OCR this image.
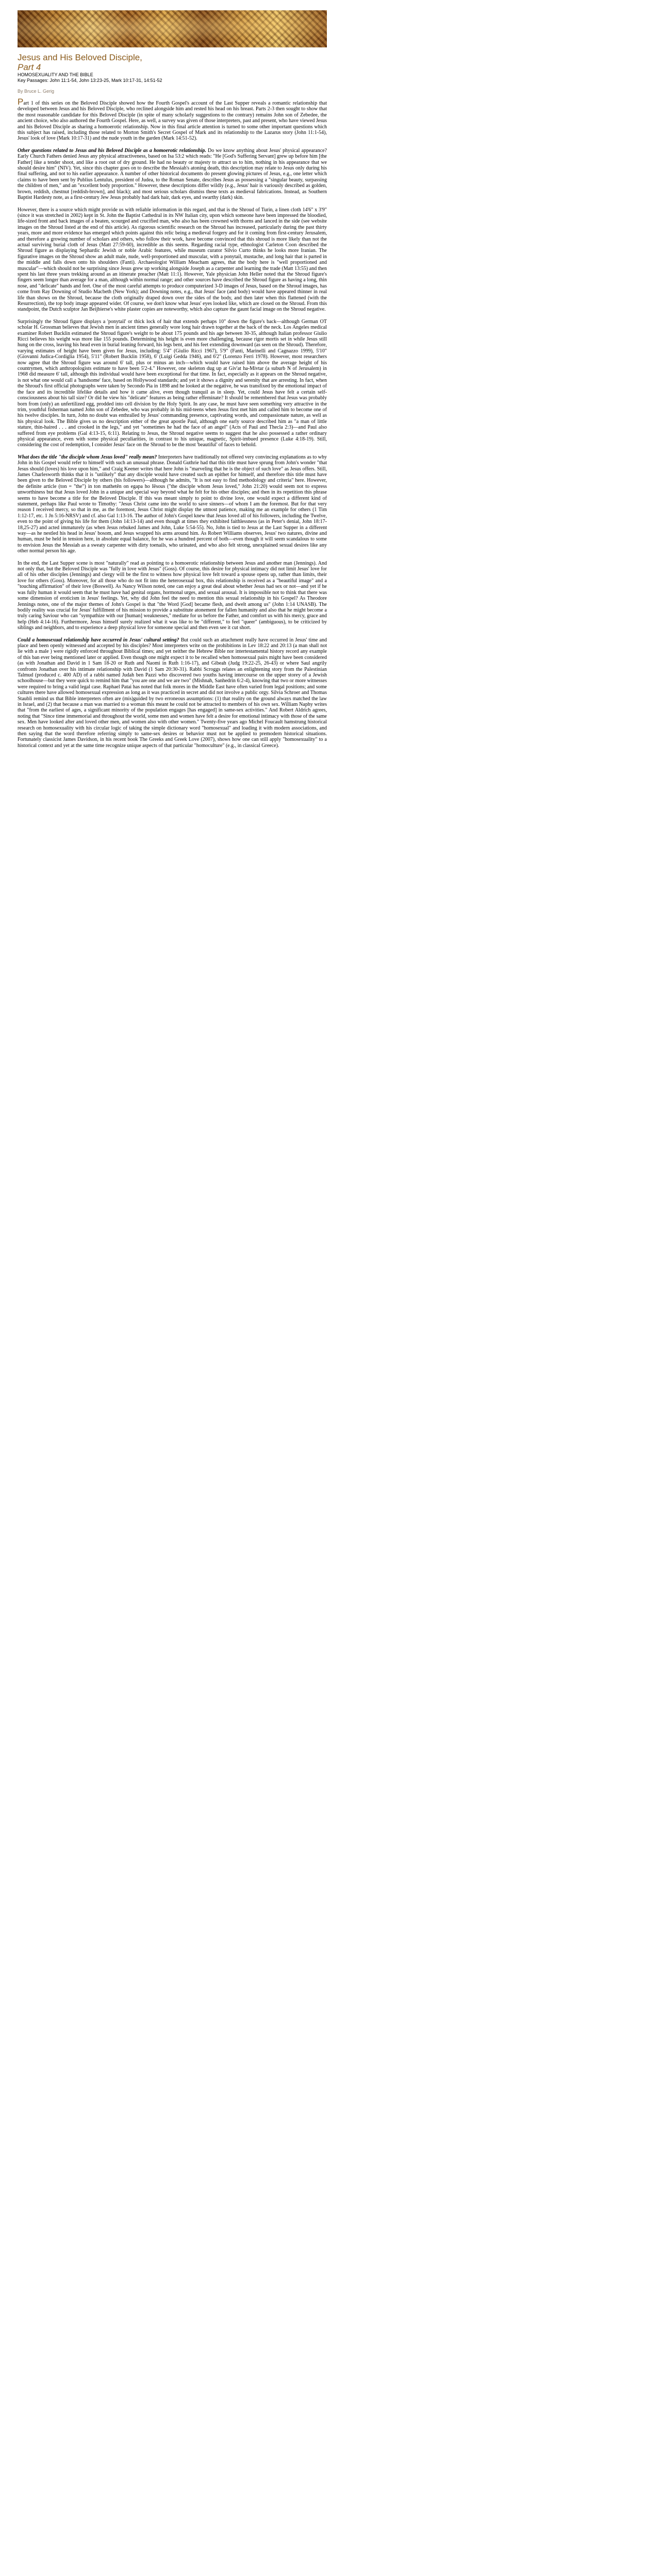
Jesus and His Beloved Disciple,
Part 4
HOMOSEXUALITY AND THE BIBLE
Key Passages: John 11:1-54, John 13:23-25, Mark 10:17-31, 14:51-52
By Bruce L. Gerig

Part 1 of this series on the Beloved Disciple showed how the Fourth Gospel's account of the Last Supper reveals a romantic relationship that developed between Jesus and his Beloved Disciple, who reclined alongside him and rested his head on his breast. Parts 2-3 then sought to show that the most reasonable candidate for this Beloved Disciple (in spite of many scholarly suggestions to the contrary) remains John son of Zebedee, the ancient choice, who also authored the Fourth Gospel. Here, as well, a survey was given of those interpreters, past and present, who have viewed Jesus and his Beloved Disciple as sharing a homoerotic relationship. Now in this final article attention is turned to some other important questions which this subject has raised, including those related to Morton Smith's Secret Gospel of Mark and its relationship to the Lazarus story (John 11:1-54), Jesus' look of love (Mark 10:17-31) and the nude youth in the garden (Mark 14:51-52).

Other questions related to Jesus and his Beloved Disciple as a homoerotic relationship. Do we know anything about Jesus' physical appearance? Early Church Fathers denied Jesus any physical attractiveness, based on Isa 53:2 which reads: "He [God's Suffering Servant] grew up before him [the Father] like a tender shoot, and like a root out of dry ground. He had no beauty or majesty to attract us to him, nothing in his appearance that we should desire him" (NIV). Yet, since this chapter goes on to describe the Messiah's atoning death, this description may relate to Jesus only during his final suffering, and not to his earlier appearance. A number of other historical documents do present glowing pictures of Jesus, e.g., one letter which claims to have been sent by Publius Lentulus, president of Judea, to the Roman Senate, describes Jesus as possessing a "singular beauty, surpassing the children of men," and an "excellent body proportion." However, these descriptions differ wildly (e.g., Jesus' hair is variously described as golden, brown, reddish, chestnut [reddish-brown], and black); and most serious scholars dismiss these texts as medieval fabrications. Instead, as Southern Baptist Hardesty note, as a first-century Jew Jesus probably had dark hair, dark eyes, and swarthy (dark) skin.

However, there is a source which might provide us with reliable information in this regard, and that is the Shroud of Turin, a linen cloth 14'6" x 3'9" (since it was stretched in 2002) kept in St. John the Baptist Cathedral in its NW Italian city, upon which someone have been impressed the bloodied, life-sized front and back images of a beaten, scourged and crucified man, who also has been crowned with thorns and lanced in the side (see website images on the Shroud listed at the end of this article). As rigorous scientific research on the Shroud has increased, particularly during the past thirty years, more and more evidence has emerged which points against this relic being a medieval forgery and for it coming from first-century Jerusalem, and therefore a growing number of scholars and others, who follow their work, have become convinced that this shroud is more likely than not the actual surviving burial cloth of Jesus (Matt 27:59-60), incredible as this seems. Regarding racial type, ethnologist Carleton Coon described the Shroud figure as displaying Sephardic Jewish or noble Arabic features, while museum curator Silvio Curto thinks he looks more Iranian. The figurative images on the Shroud show an adult male, nude, well-proportioned and muscular, with a ponytail, mustache, and long hair that is parted in the middle and falls down onto his shoulders (Fanti). Archaeologist William Meacham agrees, that the body here is "well proportioned and muscular"—which should not be surprising since Jesus grew up working alongside Joseph as a carpenter and learning the trade (Matt 13:55) and then spent his last three years trekking around as an itinerate preacher (Matt 11:1). However, Yale physician John Heller noted that the Shroud figure's fingers seem longer than average for a man, although within normal range; and other sources have described the Shroud figure as having a long, thin nose, and "delicate" hands and feet. One of the most careful attempts to produce computerized 3-D images of Jesus, based on the Shroud images, has come from Ray Downing of Studio Macbeth (New York); and Downing notes, e.g., that Jesus' face (and body) would have appeared thinner in real life than shows on the Shroud, because the cloth originally draped down over the sides of the body, and then later when this flattened (with the Resurrection), the top body image appeared wider. Of course, we don't know what Jesus' eyes looked like, which are closed on the Shroud. From this standpoint, the Dutch sculptor Jan Beijbierse's white plaster copies are noteworthy, which also capture the gaunt facial image on the Shroud negative.

Surprisingly the Shroud figure displays a 'ponytail' or thick lock of hair that extends perhaps 10" down the figure's back—although German OT scholar H. Grossman believes that Jewish men in ancient times generally wore long hair drawn together at the back of the neck. Los Angeles medical examiner Robert Bucklin estimated the Shroud figure's weight to be about 175 pounds and his age between 30-35, although Italian professor Giulio Ricci believes his weight was more like 155 pounds. Determining his height is even more challenging, because rigor mortis set in while Jesus still hung on the cross, leaving his head even in burial leaning forward, his legs bent, and his feet extending downward (as seen on the Shroud). Therefore, varying estimates of height have been given for Jesus, including: 5'4" (Giulio Ricci 1967), 5'9" (Fanti, Marinelli and Cagnazzo 1999), 5'10" (Giovanni Judica-Cordiglia 1954), 5'11" (Robert Bucklin 1958), 6' (Luigi Gedda 1946), and 6'2" (Lorenzo Ferri 1978). However, most researchers now agree that the Shroud figure was around 6' tall, plus or minus an inch—which would have raised him above the average height of his countrymen, which anthropologists estimate to have been 5'2-4." However, one skeleton dug up at Giv'at ha-Mivtar (a suburb N of Jerusalem) in 1968 did measure 6' tall, although this individual would have been exceptional for that time. In fact, especially as it appears on the Shroud negative, is not what one would call a 'handsome' face, based on Hollywood standards; and yet it shows a dignity and serenity that are arresting. In fact, when the Shroud's first official photographs were taken by Secondo Pia in 1898 and he looked at the negative, he was transfixed by the emotional impact of the face and its incredible lifelike details and how it came alive, even though tranquil as in sleep. Yet, could Jesus have felt a certain self-consciousness about his tall size? Or did he view his "delicate" features as being rather effeminate? It should be remembered that Jesus was probably born from (only) an unfertilized egg, prodded into cell division by the Holy Spirit. In any case, he must have seen something very attractive in the trim, youthful fisherman named John son of Zebedee, who was probably in his mid-teens when Jesus first met him and called him to become one of his twelve disciples. In turn, John no doubt was enthralled by Jesus' commanding presence, captivating words, and compassionate nature, as well as his physical look. The Bible gives us no description either of the great apostle Paul, although one early source described him as "a man of little stature, thin-haired . . . and crooked in the legs," and yet "sometimes he had the face of an angel" (Acts of Paul and Thecla 2:3)—and Paul also suffered from eye problems (Gal 4:13-15, 6:11). Relating to Jesus, the Shroud negative seems to suggest that he also possessed a rather ordinary physical appearance, even with some physical peculiarities, in contrast to his unique, magnetic, Spirit-imbued presence (Luke 4:18-19). Still, considering the cost of redemption, I consider Jesus' face on the Shroud to be the most 'beautiful' of faces to behold.

What does the title "the disciple whom Jesus loved" really mean? Interpreters have traditionally not offered very convincing explanations as to why John in his Gospel would refer to himself with such an unusual phrase. Donald Guthrie had that this title must have sprung from John's wonder "that Jesus should (loves) his love upon him," and Craig Keener writes that here John is "marveling that he is the object of such love" as Jesus offers. Still, James Charlesworth thinks that it is "unlikely" that any disciple would have created such an epithet for himself, and therefore this title must have been given to the Beloved Disciple by others (his followers)—although he admits, "It is not easy to find methodology and criteria" here. However, the definite article (ton = "the") in ton mathetên on egapa ho Iêsous ("the disciple whom Jesus loved," John 21:20) would seem not to express unworthiness but that Jesus loved John in a unique and special way beyond what he felt for his other disciples; and then in its repetition this phrase seems to have become a title for the Beloved Disciple. If this was meant simply to point to divine love, one would expect a different kind of statement, perhaps like Paul wrote to Timothy: "Jesus Christ came into the world to save sinners—of whom I am the foremost. But for that very reason I received mercy, so that in me, as the foremost, Jesus Christ might display the utmost patience, making me an example for others (1 Tim 1:12-17, etc. 1 Jn 5:16-NRSV) and cf. also Gal 1:13-16. The author of John's Gospel knew that Jesus loved all of his followers, including the Twelve, even to the point of giving his life for them (John 14:13-14) and even though at times they exhibited faithlessness (as in Peter's denial, John 18:17-18,25-27) and acted immaturely (as when Jesus rebuked James and John, Luke 5:54-55). No, John is tied to Jesus at the Last Supper in a different way—as he nestled his head in Jesus' bosom, and Jesus wrapped his arms around him. As Robert Williams observes, Jesus' two natures, divine and human, must be held in tension here, in absolute equal balance, for he was a hundred percent of both—even though it will seem scandalous to some to envision Jesus the Messiah as a sweaty carpenter with dirty toenails, who urinated, and who also felt strong, unexplained sexual desires like any other normal person his age.

In the end, the Last Supper scene is most "naturally" read as pointing to a homoerotic relationship between Jesus and another man (Jennings). And not only that, but the Beloved Disciple was "fully in love with Jesus" (Goss). Of course, this desire for physical intimacy did not limit Jesus' love for all of his other disciples (Jennings) and clergy will be the first to witness how physical love felt toward a spouse opens up, rather than limits, their love for others (Goss). Moreover, for all those who do not fit into the heterosexual box, this relationship is received as a "beautiful image" and a "touching affirmation" of their love (Boswell). As Nancy Wilson noted, one can enjoy a great deal about whether Jesus had sex or not—and yet if he was fully human it would seem that he must have had genital organs, hormonal urges, and sexual arousal. It is impossible not to think that there was some dimension of eroticism in Jesus' feelings. Yet, why did John feel the need to mention this sexual relationship in his Gospel? As Theodore Jennings notes, one of the major themes of John's Gospel is that "the Word [God] became flesh, and dwelt among us" (John 1:14 UNASB). The bodily reality was crucial for Jesus' fulfillment of his mission to provide a substitute atonement for fallen humanity and also that he might become a truly caring Saviour who can "sympathize with our [human] weaknesses," mediate for us before the Father, and comfort us with his mercy, grace and help (Heb 4:14-16). Furthermore, Jesus himself surely realized what it was like to be "different," to feel "queer" (ambiguous), to be criticized by siblings and neighbors, and to experience a deep physical love for someone special and then even see it cut short.

Could a homosexual relationship have occurred in Jesus' cultural setting? But could such an attachment really have occurred in Jesus' time and place and been openly witnessed and accepted by his disciples? Most interpreters write on the prohibitions in Lev 18:22 and 20:13 (a man shall not lie with a male ) were rigidly enforced throughout Biblical times; and yet neither the Hebrew Bible nor intertestamental history record any example of this ban ever being mentioned later or applied. Even though one might expect it to be recalled when homosexual pairs might have been considered (as with Jonathan and David in 1 Sam 18-20 or Ruth and Naomi in Ruth 1:16-17), and Gibeah (Judg 19:22-25, 26-43) or where Saul angrily confronts Jonathan over his intimate relationship with David (1 Sam 20:30-31). Rabbi Scroggs relates an enlightening story from the Palestinian Talmud (produced c. 400 AD) of a rabbi named Judah ben Pazzi who discovered two youths having intercourse on the upper storey of a Jewish schoolhouse—but they were quick to remind him that "you are one and we are two" (Mishnah, Sanhedrin 6:2-4), knowing that two or more witnesses were required to bring a valid legal case. Raphael Patai has noted that folk mores in the Middle East have often varied from legal positions; and some cultures there have allowed homosexual expression as long as it was practiced in secret and did not involve a public orgy. Silvia Schroer and Thomas Staubli remind us that Bible interpreters often are (mis)guided by two erroneous assumptions: (1) that reality on the ground always matched the law in Israel, and (2) that because a man was married to a woman this meant he could not be attracted to members of his own sex. William Naphy writes that "from the earliest of ages, a significant minority of the population engages [has engaged] in same-sex activities." And Robert Aldrich agrees, noting that "Since time immemorial and throughout the world, some men and women have felt a desire for emotional intimacy with those of the same sex. Men have looked after and loved other men, and women also with other women." Twenty-five years ago Michel Foucault hamstrung historical research on homosexuality with his circular logic of taking the simple dictionary word "homosexual" and loading it with modern associations, and then saying that the word therefore referring simply to same-sex desires or behavior must not be applied to premodern historical situations. Fortunately classicist James Davidson, in his recent book The Greeks and Greek Love (2007), shows how one can still apply "homosexuality" to a historical context and yet at the same time recognize unique aspects of that particular "homoculture" (e.g., in classical Greece).
